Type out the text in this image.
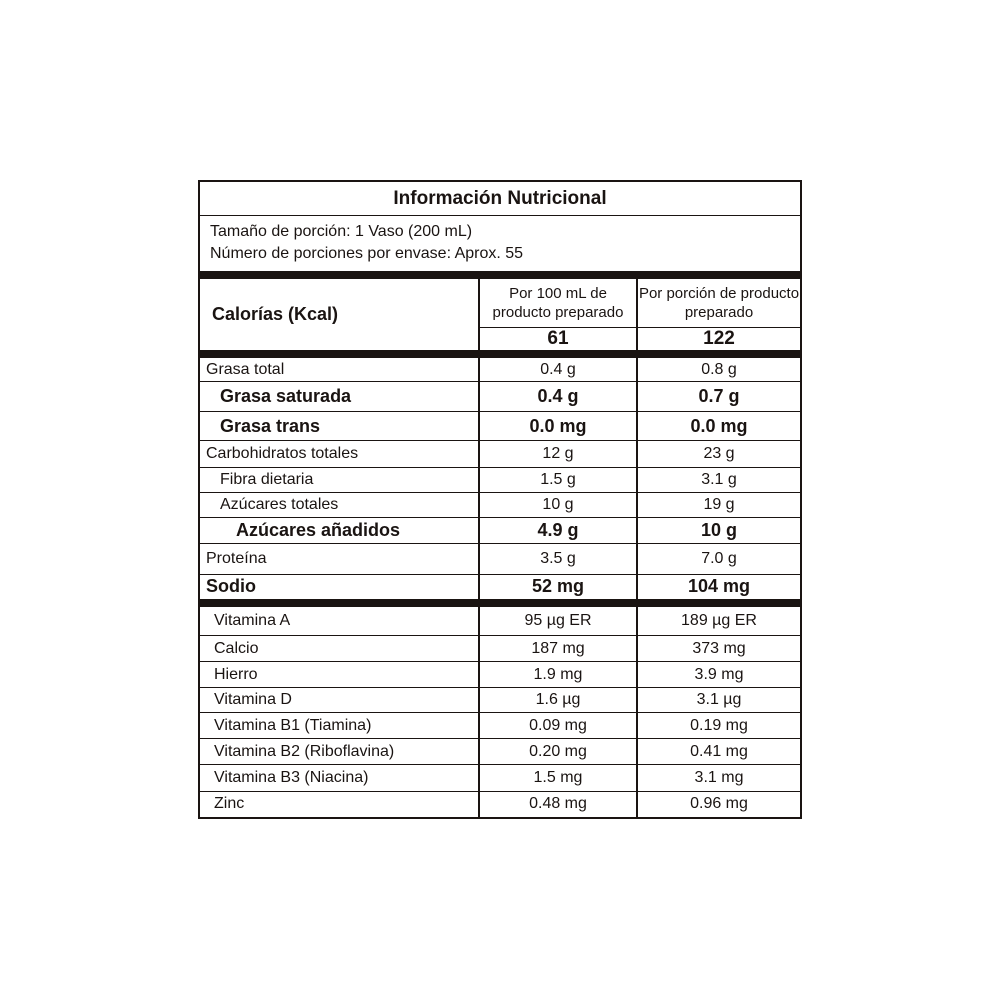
Información Nutricional		

Tamaño de porción: 1 Vaso (200 mL)
Número de porciones por envase: Aprox. 55		

Calorías (Kcal)	Por 100 mL de producto preparado	Por porción de producto preparado
	61	122
Grasa total	0.4 g	0.8 g
Grasa saturada	0.4 g	0.7 g
Grasa trans	0.0 mg	0.0 mg
Carbohidratos totales	12 g	23 g
Fibra dietaria	1.5 g	3.1 g
Azúcares totales	10 g	19 g
Azúcares añadidos	4.9 g	10 g
Proteína	3.5 g	7.0 g
Sodio	52 mg	104 mg
Vitamina A	95 µg ER	189 µg ER
Calcio	187 mg	373 mg
Hierro	1.9 mg	3.9 mg
Vitamina D	1.6 µg	3.1 µg
Vitamina B1 (Tiamina)	0.09 mg	0.19 mg
Vitamina B2 (Riboflavina)	0.20 mg	0.41 mg
Vitamina B3 (Niacina)	1.5 mg	3.1 mg
Zinc	0.48 mg	0.96 mg
